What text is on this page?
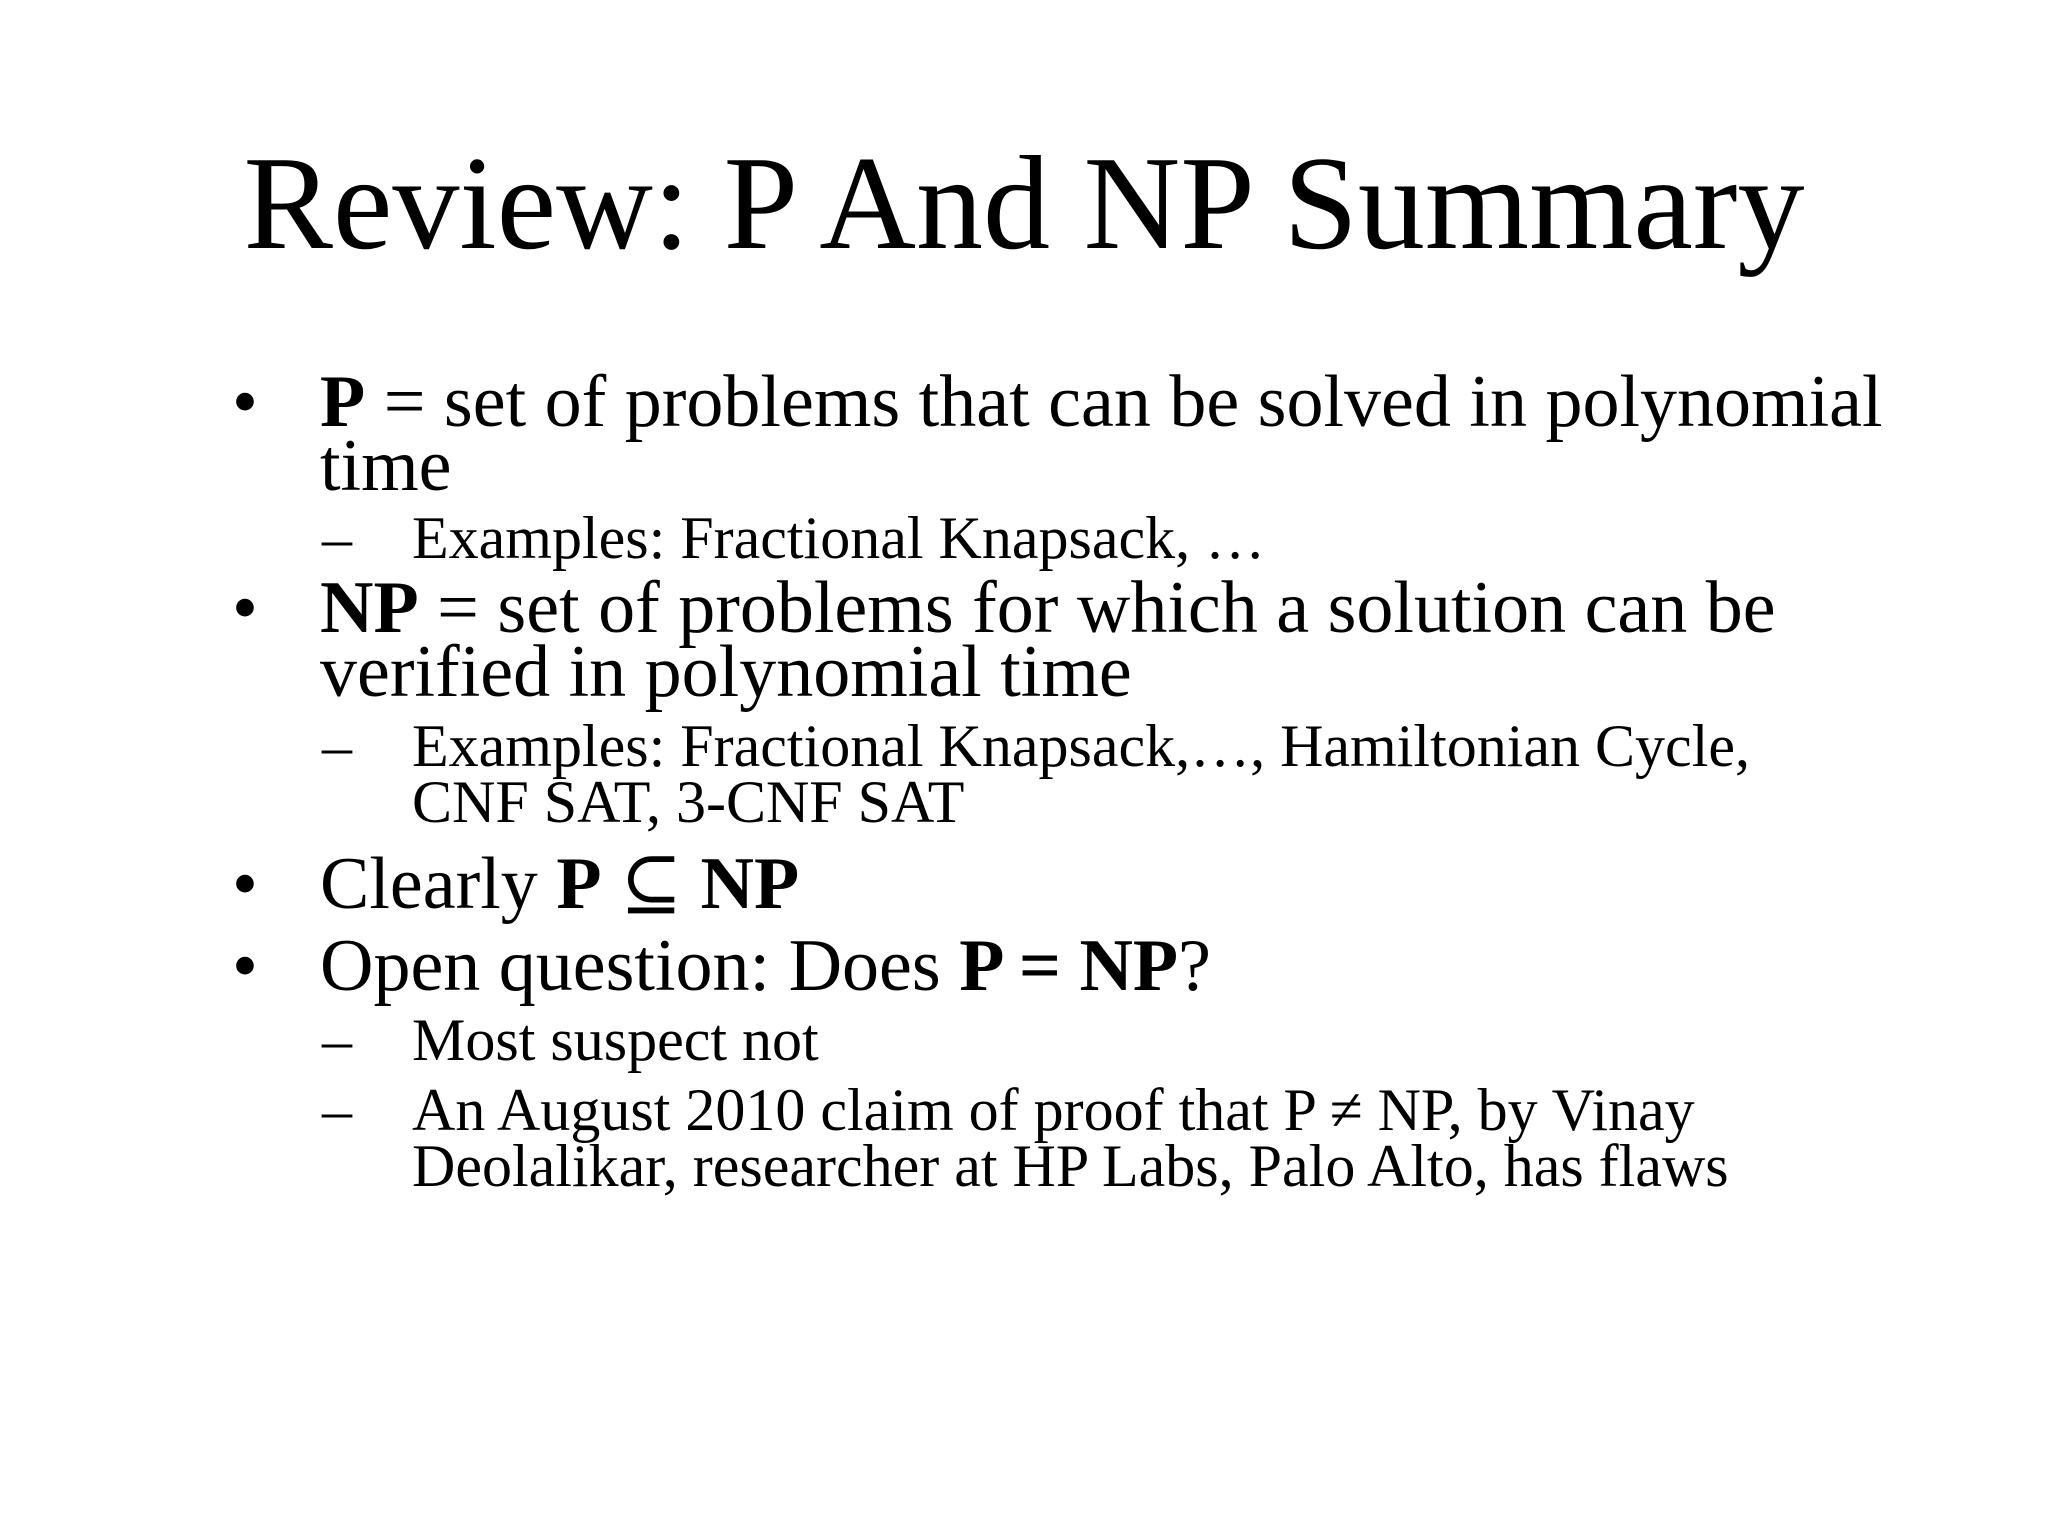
Review: P And NP Summary
• P = set of problems that can be solved in polynomial
time
– Examples: Fractional Knapsack, …
• NP = set of problems for which a solution can be
verified in polynomial time
– Examples: Fractional Knapsack,…, Hamiltonian Cycle,
CNF SAT, 3-CNF SAT
• Clearly P ⊆ NP
• Open question: Does P = NP?
– Most suspect not
– An August 2010 claim of proof that P ≠ NP, by Vinay
Deolalikar, researcher at HP Labs, Palo Alto, has flaws
